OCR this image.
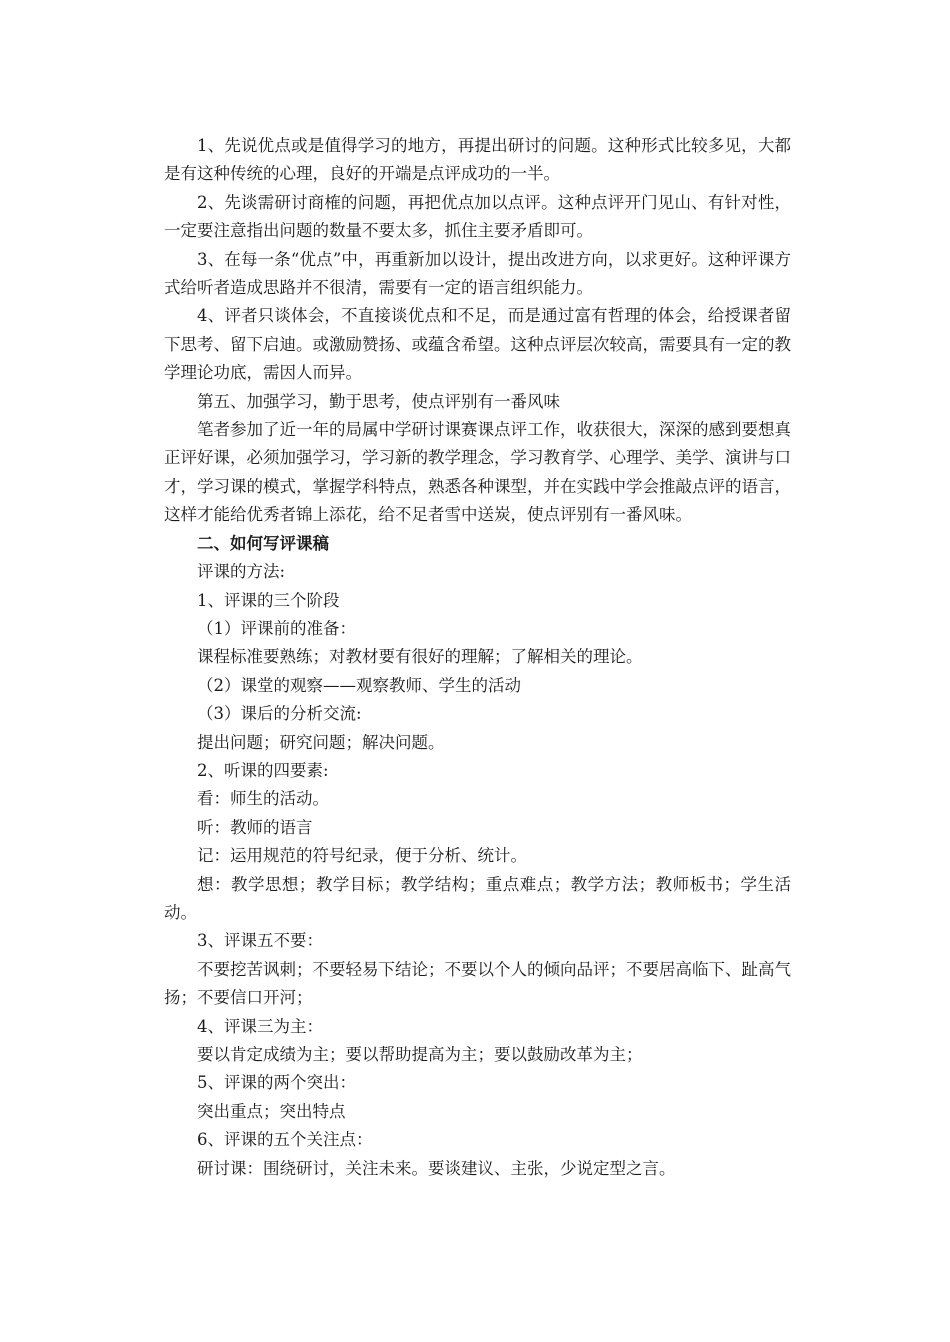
1、先说优点或是值得学习的地方，再提出研讨的问题。这种形式比较多见，大都是有这种传统的心理，良好的开端是点评成功的一半。

2、先谈需研讨商榷的问题，再把优点加以点评。这种点评开门见山、有针对性，一定要注意指出问题的数量不要太多，抓住主要矛盾即可。

3、在每一条“优点”中，再重新加以设计，提出改进方向，以求更好。这种评课方式给听者造成思路并不很清，需要有一定的语言组织能力。

4、评者只谈体会，不直接谈优点和不足，而是通过富有哲理的体会，给授课者留下思考、留下启迪。或激励赞扬、或蕴含希望。这种点评层次较高，需要具有一定的教学理论功底，需因人而异。

第五、加强学习，勤于思考，使点评别有一番风味

笔者参加了近一年的局属中学研讨课赛课点评工作，收获很大，深深的感到要想真正评好课，必须加强学习，学习新的教学理念，学习教育学、心理学、美学、演讲与口才，学习课的模式，掌握学科特点，熟悉各种课型，并在实践中学会推敲点评的语言，这样才能给优秀者锦上添花，给不足者雪中送炭，使点评别有一番风味。

二、如何写评课稿

评课的方法:

1、评课的三个阶段

（1）评课前的准备：

课程标准要熟练；对教材要有很好的理解；了解相关的理论。

（2）课堂的观察——观察教师、学生的活动

（3）课后的分析交流:

提出问题；研究问题；解决问题。

2、听课的四要素:

看：师生的活动。

听：教师的语言

记：运用规范的符号纪录，便于分析、统计。

想：教学思想；教学目标；教学结构；重点难点；教学方法；教师板书；学生活动。

3、评课五不要：

不要挖苦讽刺；不要轻易下结论；不要以个人的倾向品评；不要居高临下、趾高气扬；不要信口开河；

4、评课三为主：

要以肯定成绩为主；要以帮助提高为主；要以鼓励改革为主；

5、评课的两个突出：

突出重点；突出特点

6、评课的五个关注点：

研讨课：围绕研讨，关注未来。要谈建议、主张，少说定型之言。
